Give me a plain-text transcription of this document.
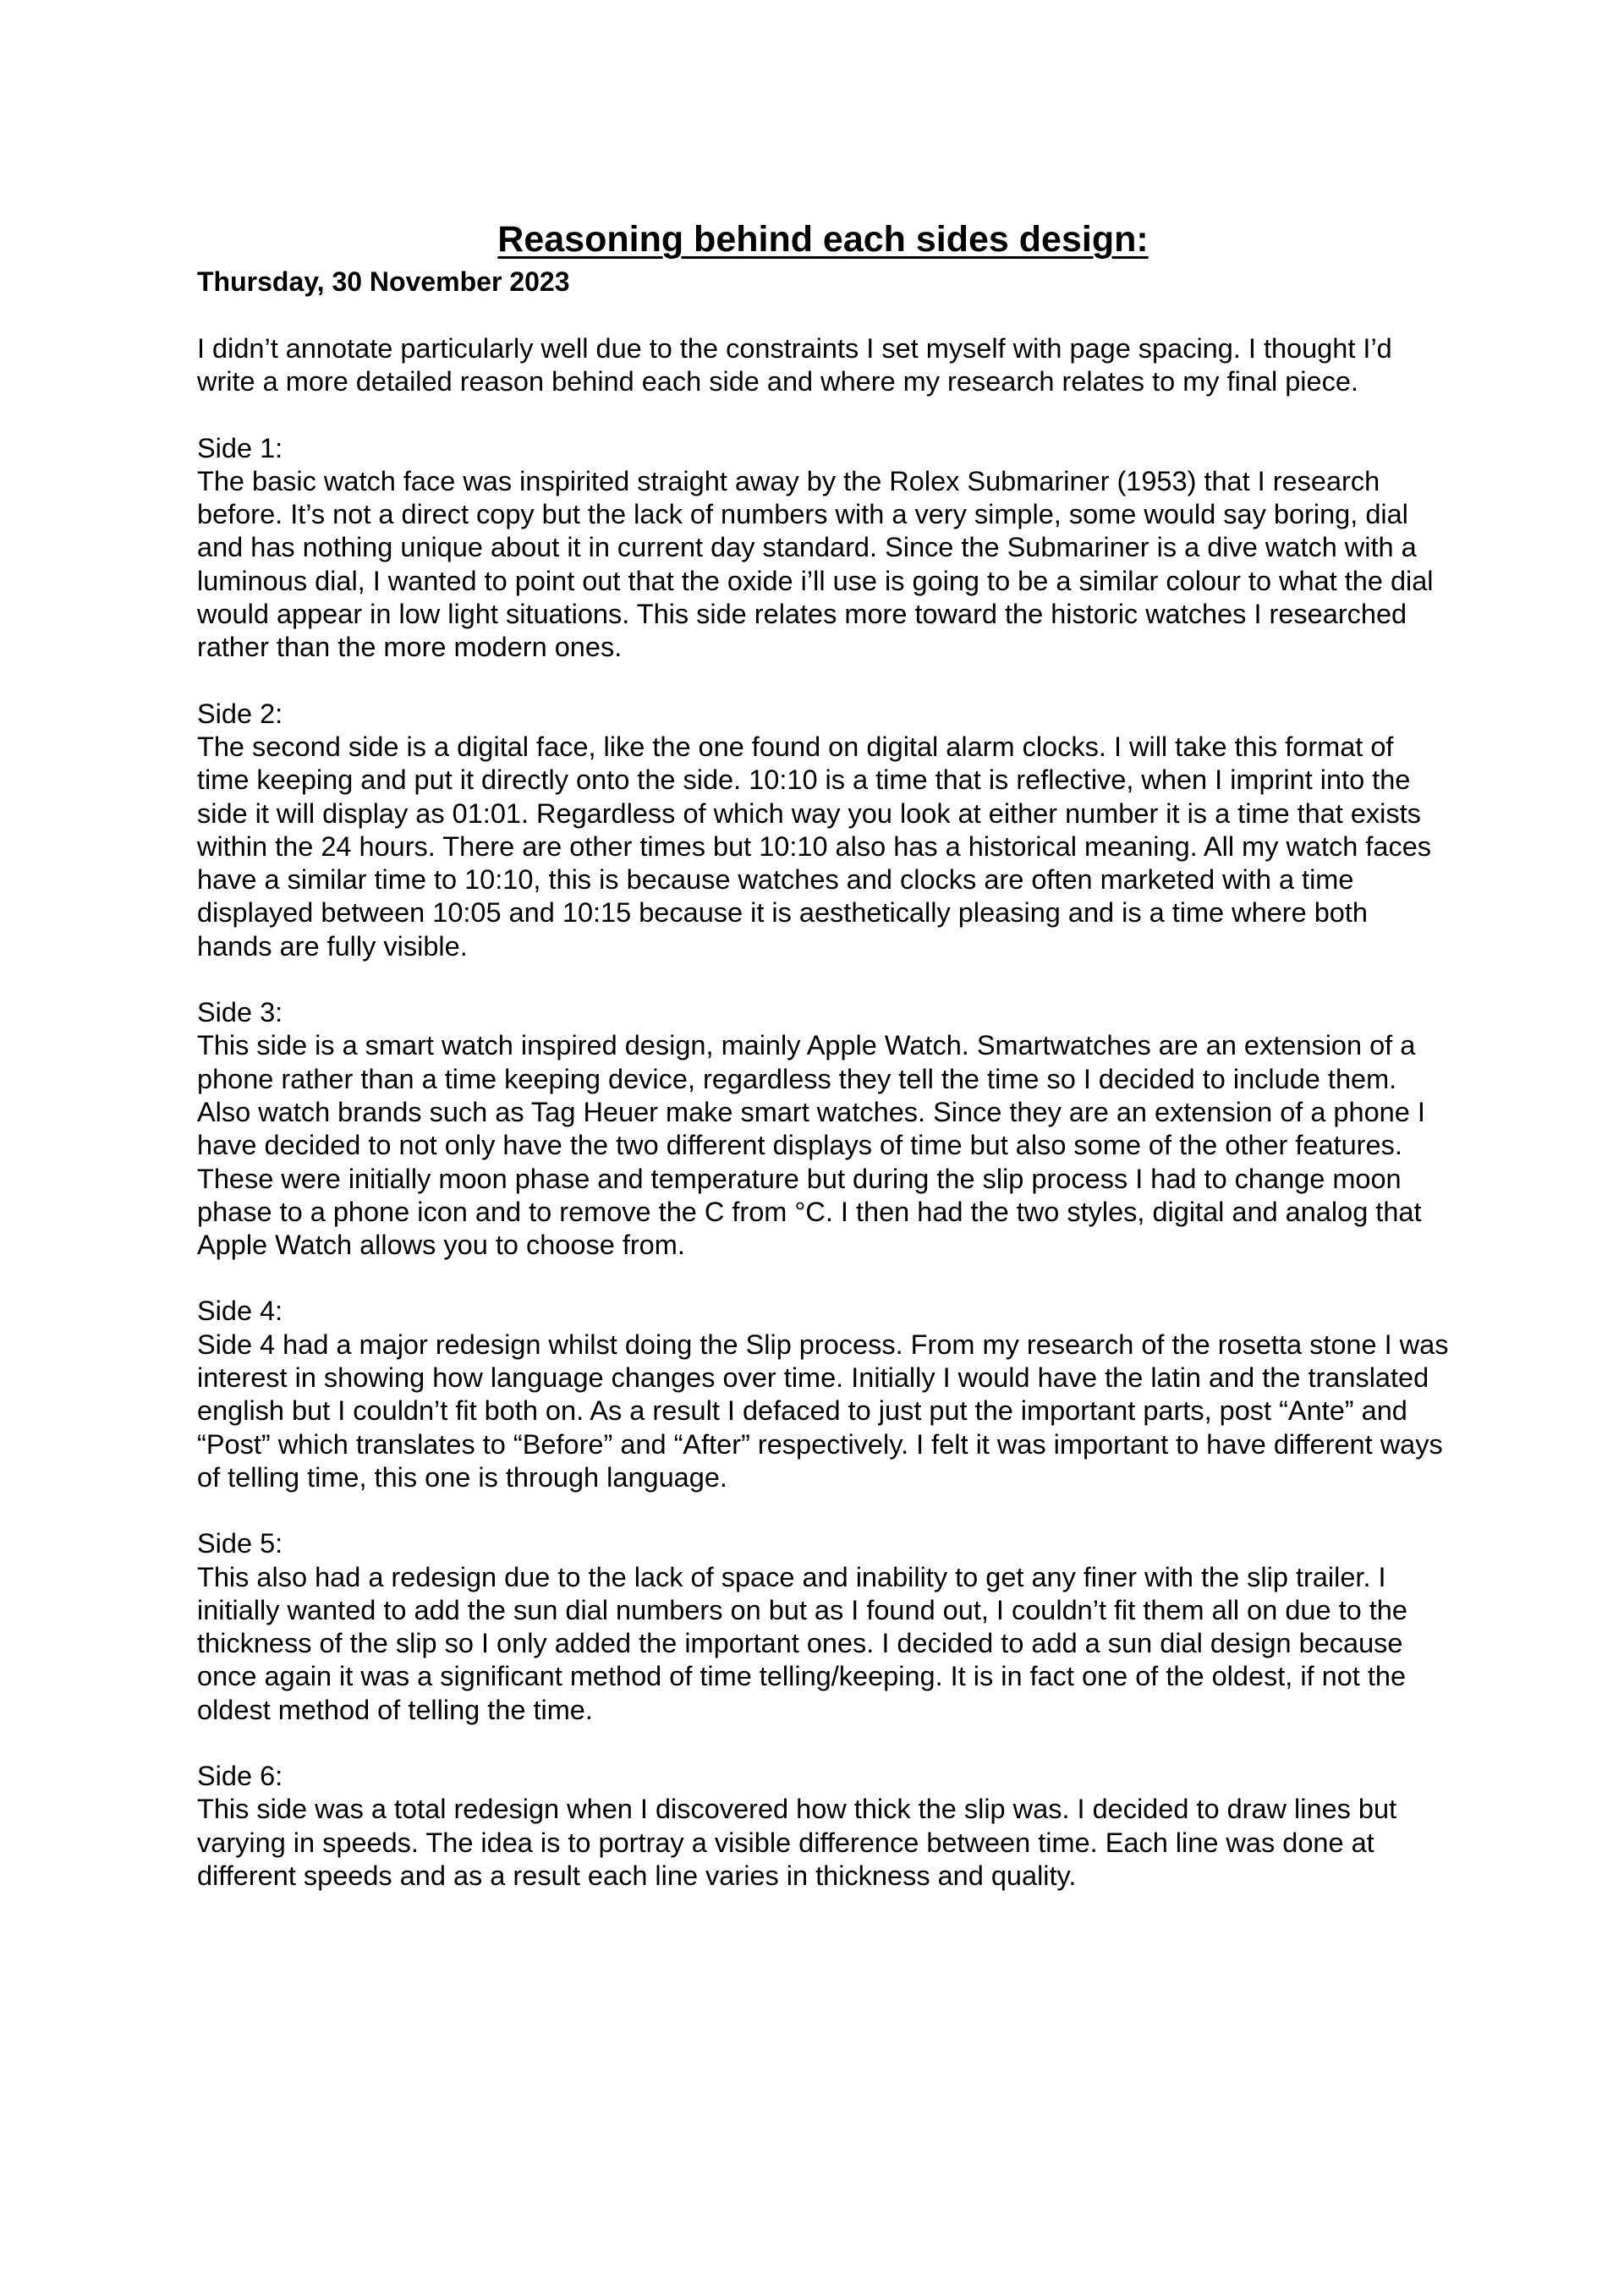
Reasoning behind each sides design:

Thursday, 30 November 2023

I didn’t annotate particularly well due to the constraints I set myself with page spacing. I thought I’d write a more detailed reason behind each side and where my research relates to my final piece.

Side 1:

The basic watch face was inspirited straight away by the Rolex Submariner (1953) that I research before. It’s not a direct copy but the lack of numbers with a very simple, some would say boring, dial and has nothing unique about it in current day standard. Since the Submariner is a dive watch with a luminous dial, I wanted to point out that the oxide i’ll use is going to be a similar colour to what the dial would appear in low light situations. This side relates more toward the historic watches I researched rather than the more modern ones.

Side 2:

The second side is a digital face, like the one found on digital alarm clocks. I will take this format of time keeping and put it directly onto the side. 10:10 is a time that is reflective, when I imprint into the side it will display as 01:01. Regardless of which way you look at either number it is a time that exists within the 24 hours. There are other times but 10:10 also has a historical meaning. All my watch faces have a similar time to 10:10, this is because watches and clocks are often marketed with a time displayed between 10:05 and 10:15 because it is aesthetically pleasing and is a time where both hands are fully visible.

Side 3:

This side is a smart watch inspired design, mainly Apple Watch. Smartwatches are an extension of a phone rather than a time keeping device, regardless they tell the time so I decided to include them. Also watch brands such as Tag Heuer make smart watches. Since they are an extension of a phone I have decided to not only have the two different displays of time but also some of the other features. These were initially moon phase and temperature but during the slip process I had to change moon phase to a phone icon and to remove the C from °C. I then had the two styles, digital and analog that Apple Watch allows you to choose from.

Side 4:

Side 4 had a major redesign whilst doing the Slip process. From my research of the rosetta stone I was interest in showing how language changes over time. Initially I would have the latin and the translated english but I couldn’t fit both on. As a result I defaced to just put the important parts, post “Ante” and “Post” which translates to “Before” and “After” respectively. I felt it was important to have different ways of telling time, this one is through language.

Side 5:

This also had a redesign due to the lack of space and inability to get any finer with the slip trailer. I initially wanted to add the sun dial numbers on but as I found out, I couldn’t fit them all on due to the thickness of the slip so I only added the important ones. I decided to add a sun dial design because once again it was a significant method of time telling/keeping. It is in fact one of the oldest, if not the oldest method of telling the time.

Side 6:

This side was a total redesign when I discovered how thick the slip was. I decided to draw lines but varying in speeds. The idea is to portray a visible difference between time. Each line was done at different speeds and as a result each line varies in thickness and quality.
